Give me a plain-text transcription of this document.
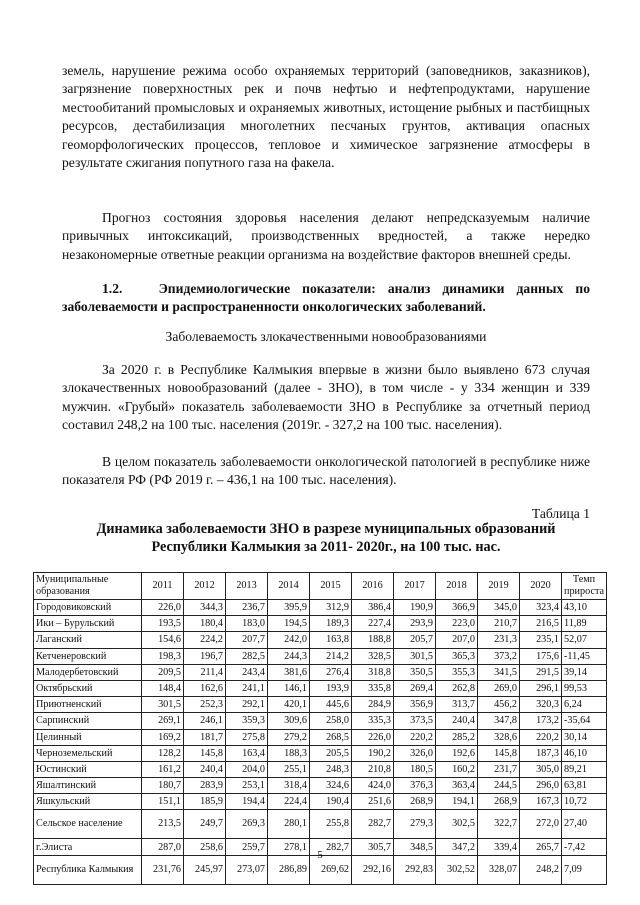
земель, нарушение режима особо охраняемых территорий (заповедников, заказников), загрязнение поверхностных рек и почв нефтью и нефтепродуктами, нарушение местообитаний промысловых и охраняемых животных, истощение рыбных и пастбищных ресурсов, дестабилизация многолетних песчаных грунтов, активация опасных геоморфологических процессов, тепловое и химическое загрязнение атмосферы в результате сжигания попутного газа на факела.
Прогноз состояния здоровья населения делают непредсказуемым наличие привычных интоксикаций, производственных вредностей, а также нередко незакономерные ответные реакции организма на воздействие факторов внешней среды.
1.2.   Эпидемиологические показатели: анализ динамики данных по заболеваемости и распространенности онкологических заболеваний.
Заболеваемость злокачественными новообразованиями
За 2020 г. в Республике Калмыкия впервые в жизни было выявлено 673 случая злокачественных новообразований (далее - ЗНО), в том числе - у 334 женщин и 339 мужчин. «Грубый» показатель заболеваемости ЗНО в Республике за отчетный период составил 248,2 на 100 тыс. населения (2019г. - 327,2 на 100 тыс. населения).
В целом показатель заболеваемости онкологической патологией в республике ниже показателя РФ (РФ 2019 г. – 436,1 на 100 тыс. населения).
Таблица 1
Динамика заболеваемости ЗНО в разрезе муниципальных образований
Республики Калмыкия за 2011- 2020г., на 100 тыс. нас.
Муниципальные образования	2011	2012	2013	2014	2015	2016	2017	2018	2019	2020	Темп прироста
Городовиковский	226,0	344,3	236,7	395,9	312,9	386,4	190,9	366,9	345,0	323,4	43,10
Ики – Бурульский	193,5	180,4	183,0	194,5	189,3	227,4	293,9	223,0	210,7	216,5	11,89
Лаганский	154,6	224,2	207,7	242,0	163,8	188,8	205,7	207,0	231,3	235,1	52,07
Кетченеровский	198,3	196,7	282,5	244,3	214,2	328,5	301,5	365,3	373,2	175,6	-11,45
Малодербетовский	209,5	211,4	243,4	381,6	276,4	318,8	350,5	355,3	341,5	291,5	39,14
Октябрьский	148,4	162,6	241,1	146,1	193,9	335,8	269,4	262,8	269,0	296,1	99,53
Приютненский	301,5	252,3	292,1	420,1	445,6	284,9	356,9	313,7	456,2	320,3	6,24
Сарпинский	269,1	246,1	359,3	309,6	258,0	335,3	373,5	240,4	347,8	173,2	-35,64
Целинный	169,2	181,7	275,8	279,2	268,5	226,0	220,2	285,2	328,6	220,2	30,14
Черноземельский	128,2	145,8	163,4	188,3	205,5	190,2	326,0	192,6	145,8	187,3	46,10
Юстинский	161,2	240,4	204,0	255,1	248,3	210,8	180,5	160,2	231,7	305,0	89,21
Яшалтинский	180,7	283,9	253,1	318,4	324,6	424,0	376,3	363,4	244,5	296,0	63,81
Яшкульский	151,1	185,9	194,4	224,4	190,4	251,6	268,9	194,1	268,9	167,3	10,72
Сельское население	213,5	249,7	269,3	280,1	255,8	282,7	279,3	302,5	322,7	272,0	27,40
г.Элиста	287,0	258,6	259,7	278,1	282,7	305,7	348,5	347,2	339,4	265,7	-7,42
Республика Калмыкия	231,76	245,97	273,07	286,89	269,62	292,16	292,83	302,52	328,07	248,2	7,09
5
